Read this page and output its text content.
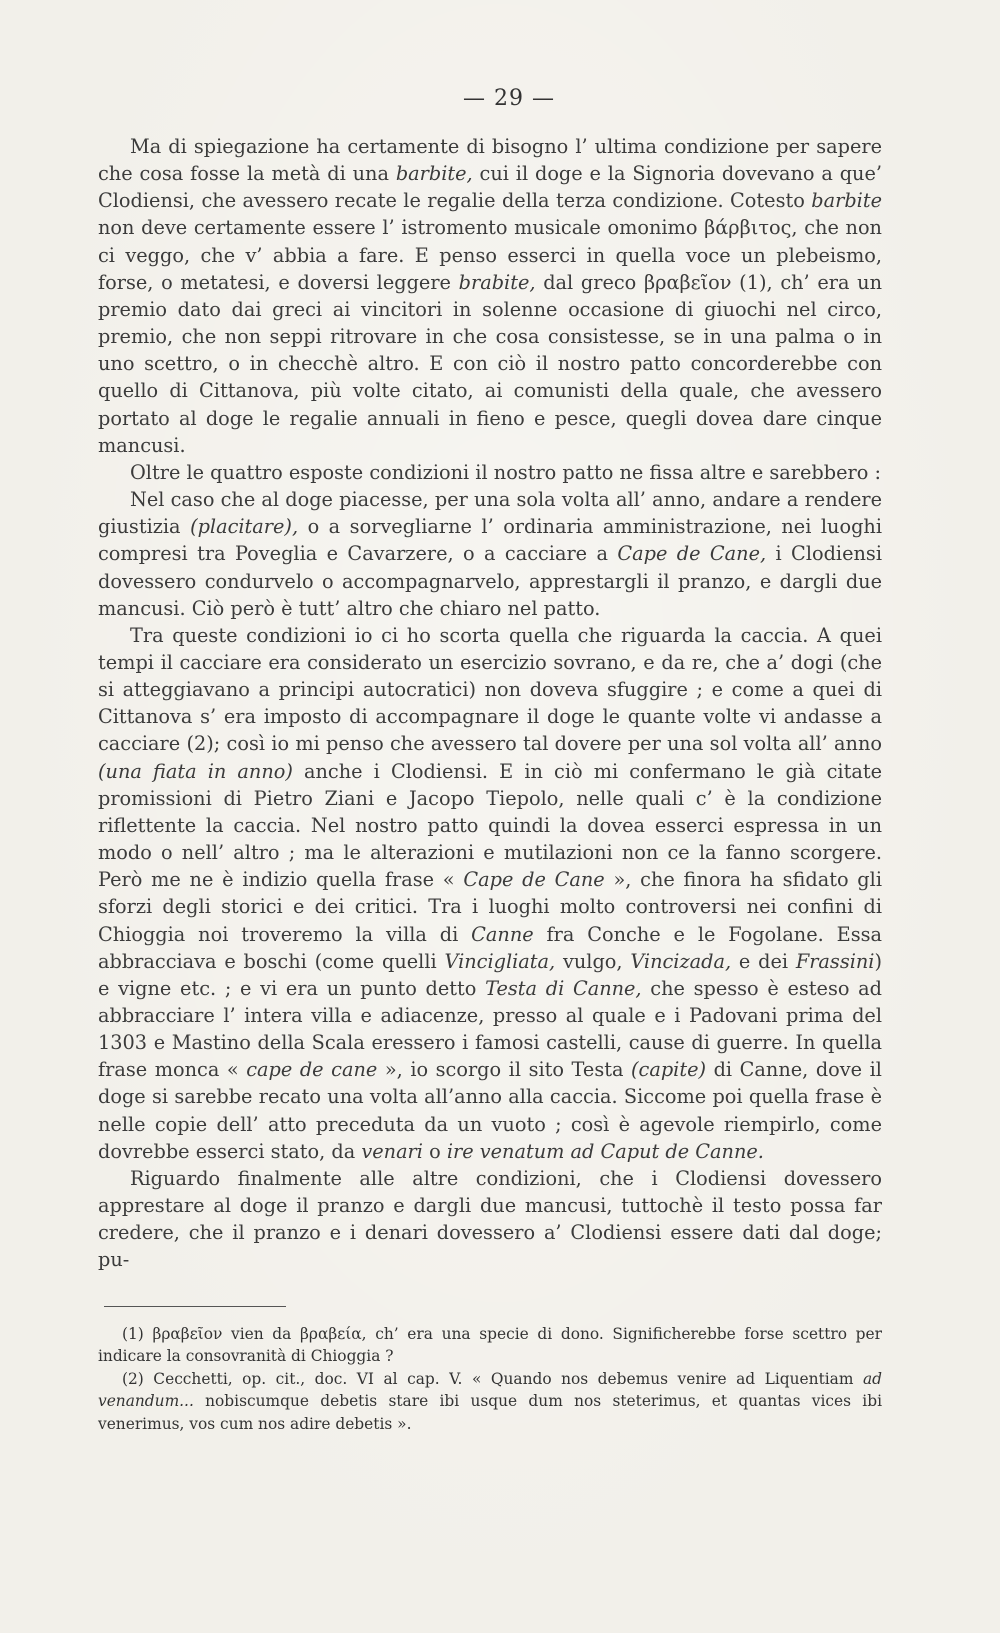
— 29 —

Ma di spiegazione ha certamente di bisogno l’ ultima condizione per sapere che cosa fosse la metà di una barbite, cui il doge e la Signoria dovevano a que’ Clodiensi, che avessero recate le regalie della terza condizione. Cotesto barbite non deve certamente essere l’ istromento musicale omonimo βάρβιτος, che non ci veggo, che v’ abbia a fare. E penso esserci in quella voce un plebeismo, forse, o metatesi, e doversi leggere brabite, dal greco βραβεῖον (1), ch’ era un premio dato dai greci ai vincitori in solenne occasione di giuochi nel circo, premio, che non seppi ritrovare in che cosa consistesse, se in una palma o in uno scettro, o in checchè altro. E con ciò il nostro patto concorderebbe con quello di Cittanova, più volte citato, ai comunisti della quale, che avessero portato al doge le regalie annuali in fieno e pesce, quegli dovea dare cinque mancusi.

Oltre le quattro esposte condizioni il nostro patto ne fissa altre e sarebbero :

Nel caso che al doge piacesse, per una sola volta all’ anno, andare a rendere giustizia (placitare), o a sorvegliarne l’ ordinaria amministrazione, nei luoghi compresi tra Poveglia e Cavarzere, o a cacciare a Cape de Cane, i Clodiensi dovessero condurvelo o accompagnarvelo, apprestargli il pranzo, e dargli due mancusi. Ciò però è tutt’ altro che chiaro nel patto.

Tra queste condizioni io ci ho scorta quella che riguarda la caccia. A quei tempi il cacciare era considerato un esercizio sovrano, e da re, che a’ dogi (che si atteggiavano a principi autocratici) non doveva sfuggire ; e come a quei di Cittanova s’ era imposto di accompagnare il doge le quante volte vi andasse a cacciare (2); così io mi penso che avessero tal dovere per una sol volta all’ anno (una fiata in anno) anche i Clodiensi. E in ciò mi confermano le già citate promissioni di Pietro Ziani e Jacopo Tiepolo, nelle quali c’ è la condizione riflettente la caccia. Nel nostro patto quindi la dovea esserci espressa in un modo o nell’ altro ; ma le alterazioni e mutilazioni non ce la fanno scorgere. Però me ne è indizio quella frase « Cape de Cane », che finora ha sfidato gli sforzi degli storici e dei critici. Tra i luoghi molto controversi nei confini di Chioggia noi troveremo la villa di Canne fra Conche e le Fogolane. Essa abbracciava e boschi (come quelli Vincigliata, vulgo, Vincizada, e dei Frassini) e vigne etc. ; e vi era un punto detto Testa di Canne, che spesso è esteso ad abbracciare l’ intera villa e adiacenze, presso al quale e i Padovani prima del 1303 e Mastino della Scala eressero i famosi castelli, cause di guerre. In quella frase monca « cape de cane », io scorgo il sito Testa (capite) di Canne, dove il doge si sarebbe recato una volta all’anno alla caccia. Siccome poi quella frase è nelle copie dell’ atto preceduta da un vuoto ; così è agevole riempirlo, come dovrebbe esserci stato, da venari o ire venatum ad Caput de Canne.

Riguardo finalmente alle altre condizioni, che i Clodiensi dovessero apprestare al doge il pranzo e dargli due mancusi, tuttochè il testo possa far credere, che il pranzo e i denari dovessero a’ Clodiensi essere dati dal doge; pu-

(1) βραβεῖον vien da βραβεία, ch’ era una specie di dono. Significherebbe forse scettro per indicare la consovranità di Chioggia ?

(2) Cecchetti, op. cit., doc. VI al cap. V. « Quando nos debemus venire ad Liquentiam ad venandum... nobiscumque debetis stare ibi usque dum nos steterimus, et quantas vices ibi venerimus, vos cum nos adire debetis ».
